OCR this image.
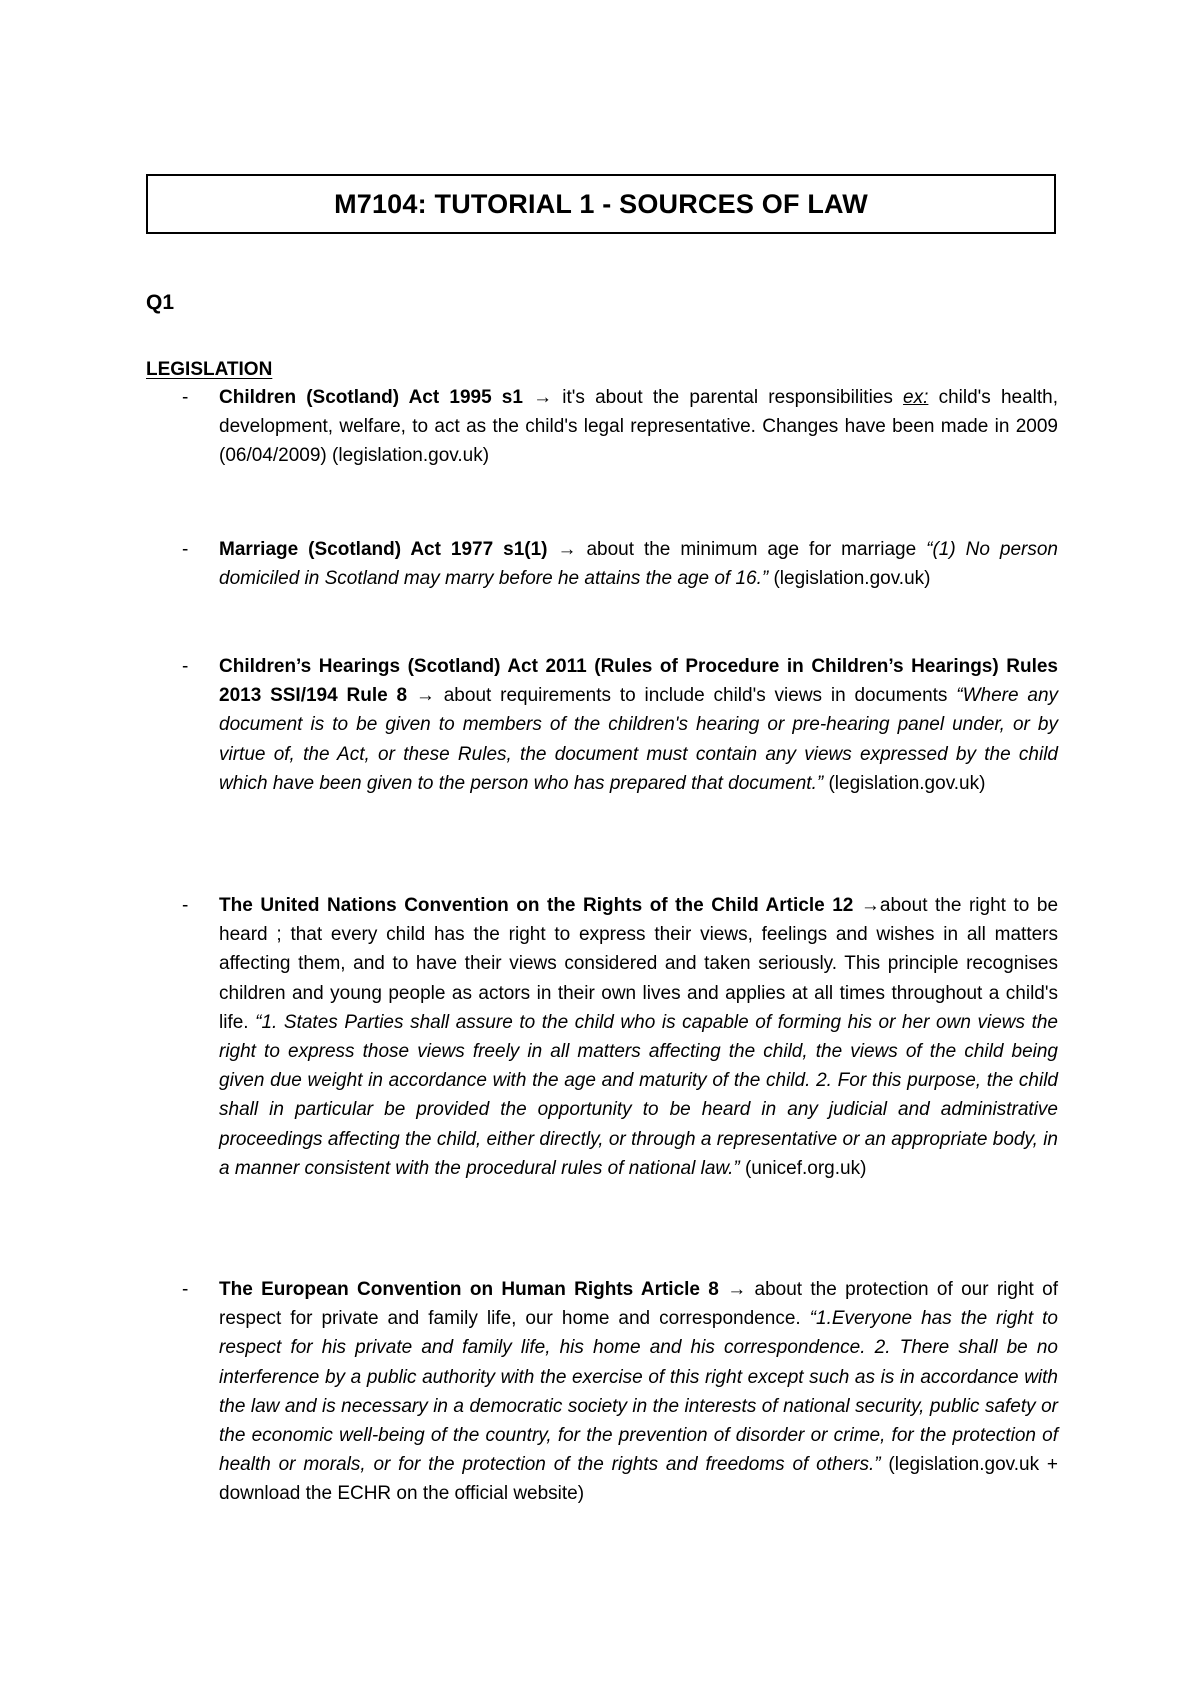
M7104: TUTORIAL 1 - SOURCES OF LAW
Q1
LEGISLATION
- Children (Scotland) Act 1995 s1 → it's about the parental responsibilities ex: child's health, development, welfare, to act as the child's legal representative. Changes have been made in 2009 (06/04/2009) (legislation.gov.uk)
- Marriage (Scotland) Act 1977 s1(1) → about the minimum age for marriage “(1) No person domiciled in Scotland may marry before he attains the age of 16.” (legislation.gov.uk)
- Children’s Hearings (Scotland) Act 2011 (Rules of Procedure in Children’s Hearings) Rules 2013 SSI/194 Rule 8 → about requirements to include child's views in documents “Where any document is to be given to members of the children's hearing or pre-hearing panel under, or by virtue of, the Act, or these Rules, the document must contain any views expressed by the child which have been given to the person who has prepared that document.” (legislation.gov.uk)
- The United Nations Convention on the Rights of the Child Article 12 →about the right to be heard ; that every child has the right to express their views, feelings and wishes in all matters affecting them, and to have their views considered and taken seriously. This principle recognises children and young people as actors in their own lives and applies at all times throughout a child's life. “1. States Parties shall assure to the child who is capable of forming his or her own views the right to express those views freely in all matters affecting the child, the views of the child being given due weight in accordance with the age and maturity of the child. 2. For this purpose, the child shall in particular be provided the opportunity to be heard in any judicial and administrative proceedings affecting the child, either directly, or through a representative or an appropriate body, in a manner consistent with the procedural rules of national law.” (unicef.org.uk)
- The European Convention on Human Rights Article 8 → about the protection of our right of respect for private and family life, our home and correspondence. “1.Everyone has the right to respect for his private and family life, his home and his correspondence. 2. There shall be no interference by a public authority with the exercise of this right except such as is in accordance with the law and is necessary in a democratic society in the interests of national security, public safety or the economic well-being of the country, for the prevention of disorder or crime, for the protection of health or morals, or for the protection of the rights and freedoms of others.” (legislation.gov.uk + download the ECHR on the official website)
